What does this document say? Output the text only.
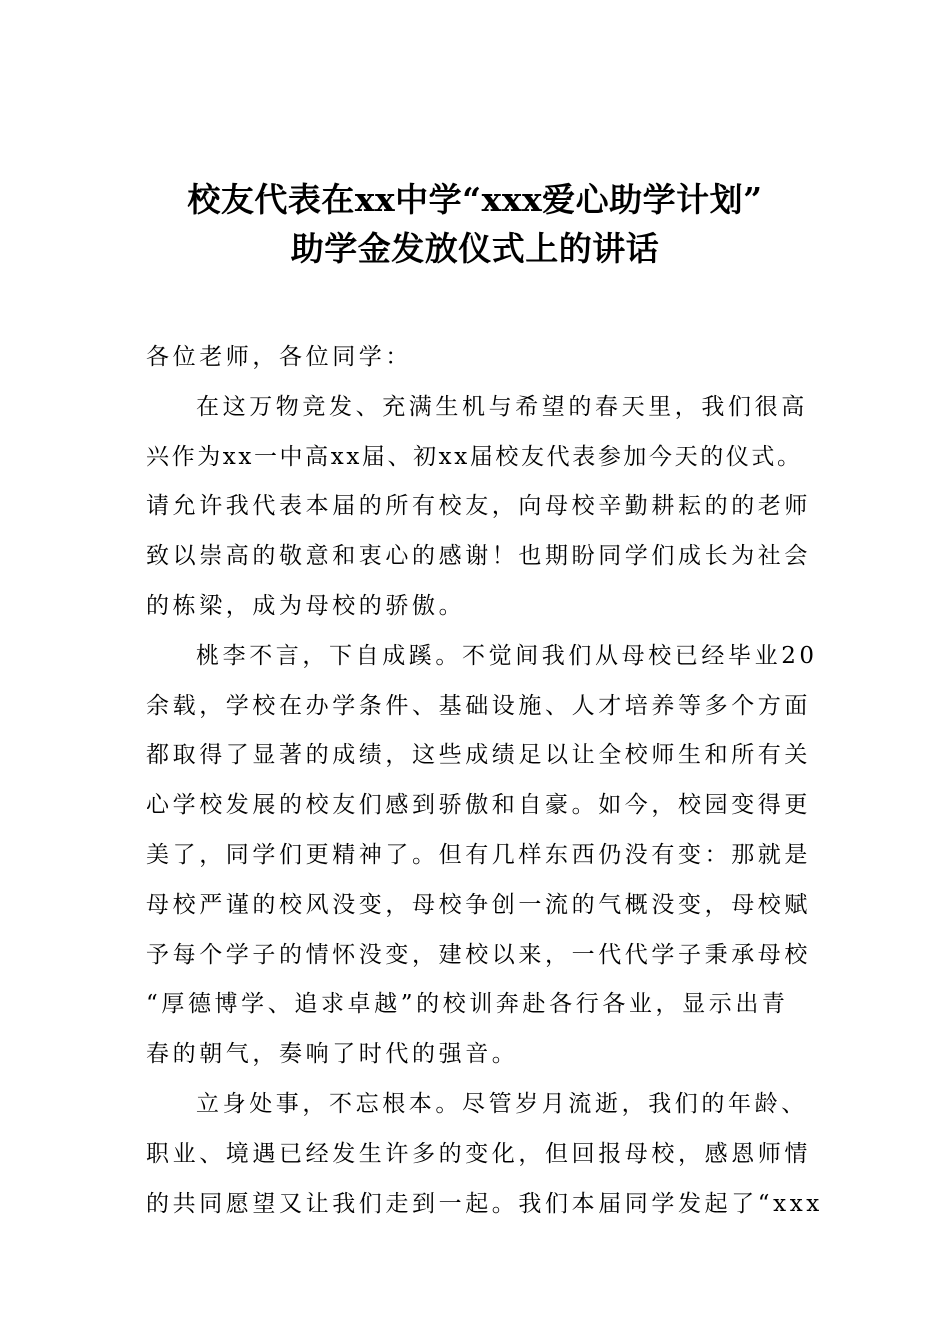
校友代表在xx中学“xxx爱心助学计划”
助学金发放仪式上的讲话
各位老师，各位同学：
在这万物竞发、充满生机与希望的春天里，我们很高
兴作为xx一中高xx届、初xx届校友代表参加今天的仪式。
请允许我代表本届的所有校友，向母校辛勤耕耘的的老师
致以崇高的敬意和衷心的感谢！也期盼同学们成长为社会
的栋梁，成为母校的骄傲。
桃李不言，下自成蹊。不觉间我们从母校已经毕业20
余载，学校在办学条件、基础设施、人才培养等多个方面
都取得了显著的成绩，这些成绩足以让全校师生和所有关
心学校发展的校友们感到骄傲和自豪。如今，校园变得更
美了，同学们更精神了。但有几样东西仍没有变：那就是
母校严谨的校风没变，母校争创一流的气概没变，母校赋
予每个学子的情怀没变，建校以来，一代代学子秉承母校
“厚德博学、追求卓越”的校训奔赴各行各业，显示出青
春的朝气，奏响了时代的强音。
立身处事，不忘根本。尽管岁月流逝，我们的年龄、
职业、境遇已经发生许多的变化，但回报母校，感恩师情
的共同愿望又让我们走到一起。我们本届同学发起了“xxx
